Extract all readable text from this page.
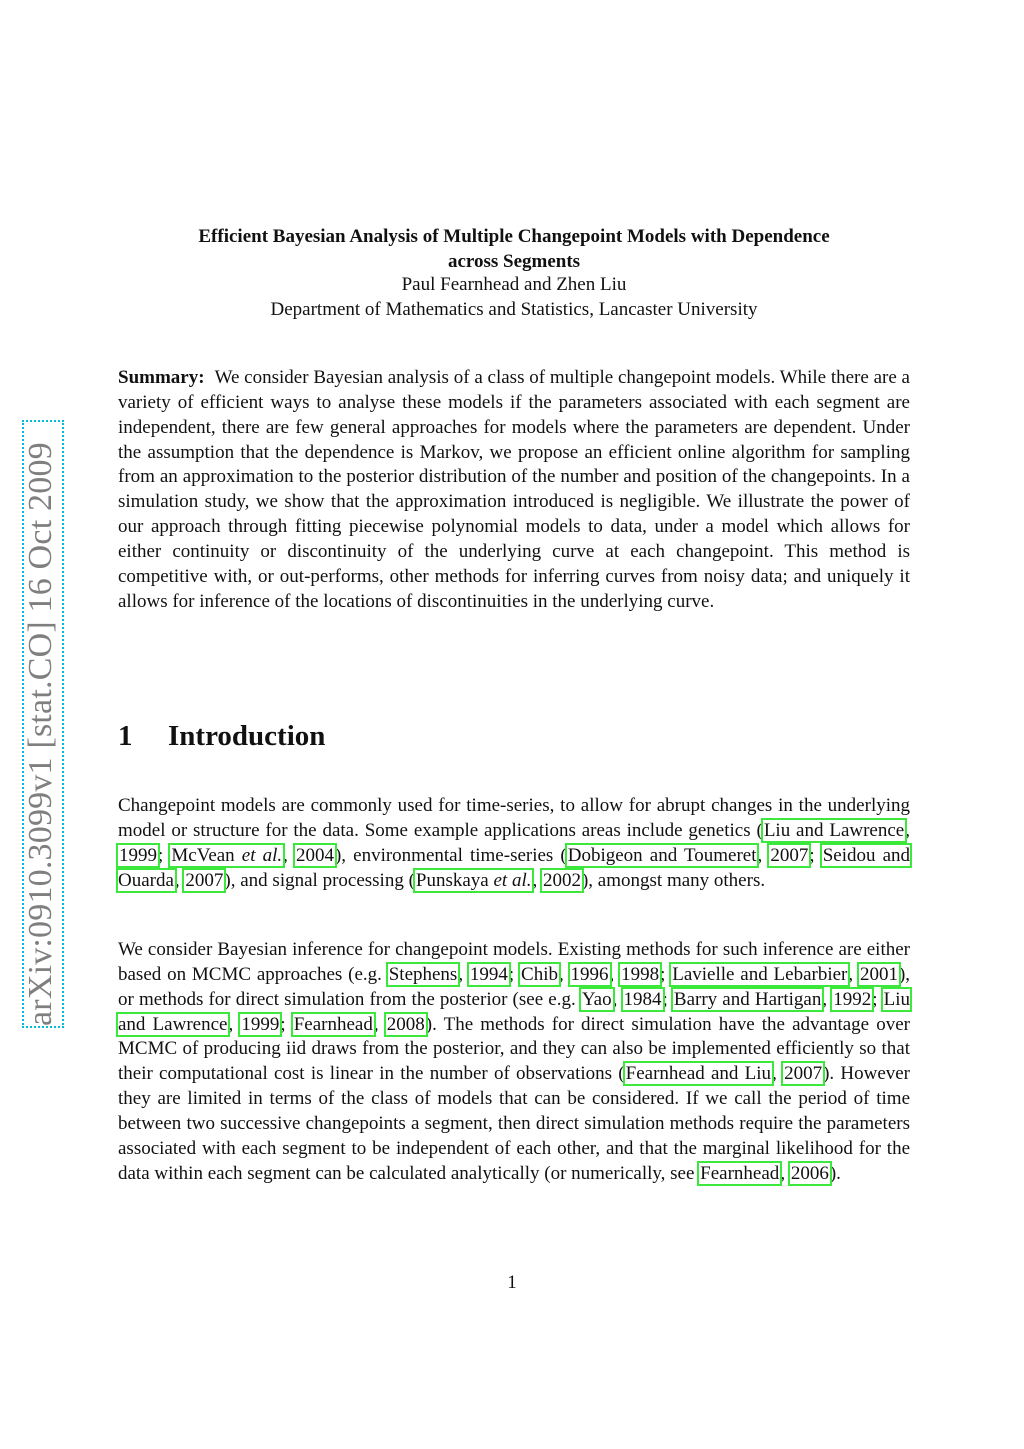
arXiv:0910.3099v1 [stat.CO] 16 Oct 2009
Efficient Bayesian Analysis of Multiple Changepoint Models with Dependence
across Segments
Paul Fearnhead and Zhen Liu
Department of Mathematics and Statistics, Lancaster University
Summary: We consider Bayesian analysis of a class of multiple changepoint models. While there are a variety of efficient ways to analyse these models if the parameters associated with each segment are independent, there are few general approaches for models where the parameters are dependent. Under the assumption that the dependence is Markov, we propose an efficient online algorithm for sampling from an approximation to the posterior distribution of the number and position of the changepoints. In a simulation study, we show that the approximation introduced is negligible. We illustrate the power of our approach through fitting piecewise polynomial models to data, under a model which allows for either continuity or discontinuity of the underlying curve at each changepoint. This method is competitive with, or out-performs, other methods for inferring curves from noisy data; and uniquely it allows for inference of the locations of discontinuities in the underlying curve.
1 Introduction
Changepoint models are commonly used for time-series, to allow for abrupt changes in the underlying model or structure for the data. Some example applications areas include genetics (Liu and Lawrence, 1999; McVean et al., 2004), environmental time-series (Dobigeon and Toumeret, 2007; Seidou and Ouarda, 2007), and signal processing (Punskaya et al., 2002), amongst many others.
We consider Bayesian inference for changepoint models. Existing methods for such inference are either based on MCMC approaches (e.g. Stephens, 1994; Chib, 1996, 1998; Lavielle and Lebarbier, 2001), or methods for direct simulation from the posterior (see e.g. Yao, 1984; Barry and Hartigan, 1992; Liu and Lawrence, 1999; Fearnhead, 2008). The methods for direct simulation have the advantage over MCMC of producing iid draws from the posterior, and they can also be implemented efficiently so that their computational cost is linear in the number of observations (Fearnhead and Liu, 2007). However they are limited in terms of the class of models that can be considered. If we call the period of time between two successive changepoints a segment, then direct simulation methods require the parameters associated with each segment to be independent of each other, and that the marginal likelihood for the data within each segment can be calculated analytically (or numerically, see Fearnhead, 2006).
1
